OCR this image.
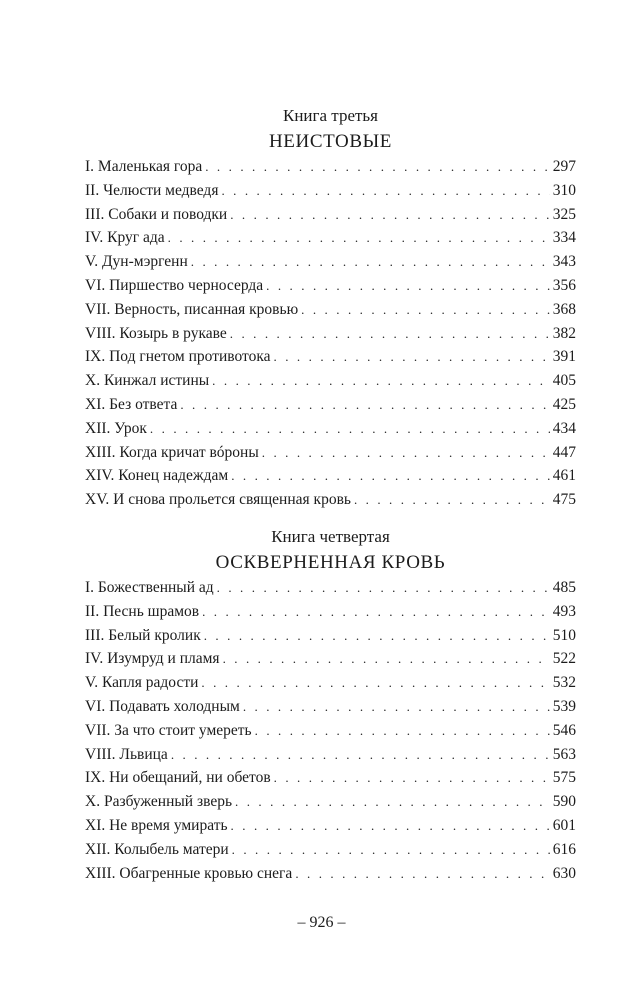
Книга третья
НЕИСТОВЫЕ
I. Маленькая гора . . .	297
II. Челюсти медведя . . .	310
III. Собаки и поводки . . .	325
IV. Круг ада . . .	334
V. Дун-мэргенн . . .	343
VI. Пиршество черносерда . . .	356
VII. Верность, писанная кровью . . .	368
VIII. Козырь в рукаве . . .	382
IX. Под гнетом противотока . . .	391
X. Кинжал истины . . .	405
XI. Без ответа . . .	425
XII. Урок . . .	434
XIII. Когда кричат вóроны . . .	447
XIV. Конец надеждам . . .	461
XV. И снова прольется священная кровь . . .	475
Книга четвертая
ОСКВЕРНЕННАЯ КРОВЬ
I. Божественный ад . . .	485
II. Песнь шрамов . . .	493
III. Белый кролик . . .	510
IV. Изумруд и пламя . . .	522
V. Капля радости . . .	532
VI. Подавать холодным . . .	539
VII. За что стоит умереть . . .	546
VIII. Львица . . .	563
IX. Ни обещаний, ни обетов . . .	575
X. Разбуженный зверь . . .	590
XI. Не время умирать . . .	601
XII. Колыбель матери . . .	616
XIII. Обагренные кровью снега . . .	630
– 926 –
